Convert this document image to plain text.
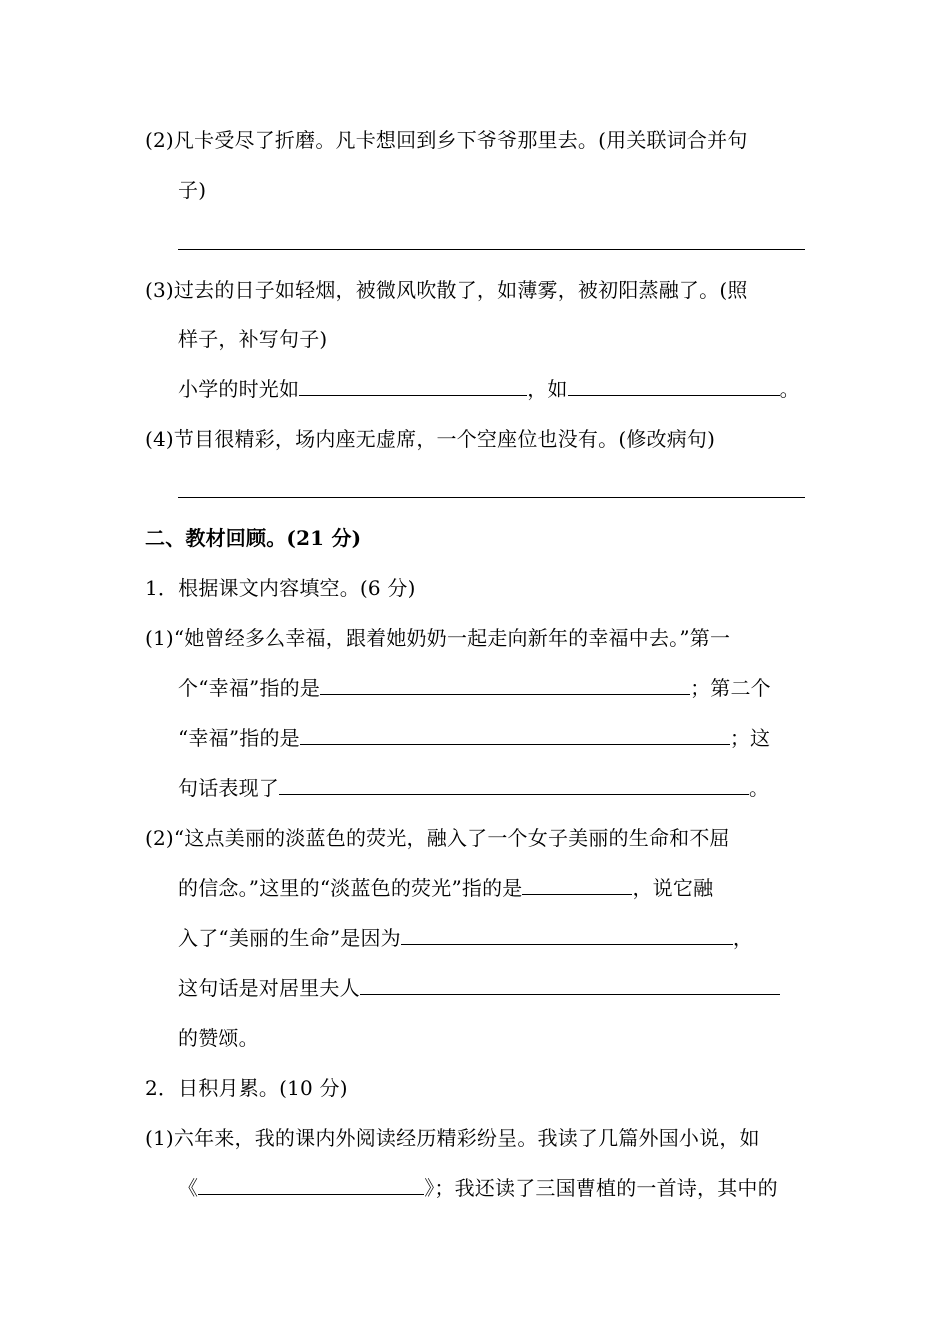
(2)凡卡受尽了折磨。凡卡想回到乡下爷爷那里去。(用关联词合并句
子)
(3)过去的日子如轻烟，被微风吹散了，如薄雾，被初阳蒸融了。(照
样子，补写句子)
小学的时光如	，如	。
(4)节目很精彩，场内座无虚席，一个空座位也没有。(修改病句)
二、教材回顾。(21 分)
1．根据课文内容填空。(6 分)
(1)“她曾经多么幸福，跟着她奶奶一起走向新年的幸福中去。”第一
个“幸福”指的是	；第二个
“幸福”指的是	；这
句话表现了	。
(2)“这点美丽的淡蓝色的荧光，融入了一个女子美丽的生命和不屈
的信念。”这里的“淡蓝色的荧光”指的是	，说它融
入了“美丽的生命”是因为	，
这句话是对居里夫人
的赞颂。
2．日积月累。(10 分)
(1)六年来，我的课内外阅读经历精彩纷呈。我读了几篇外国小说，如
《	》；我还读了三国曹植的一首诗，其中的
